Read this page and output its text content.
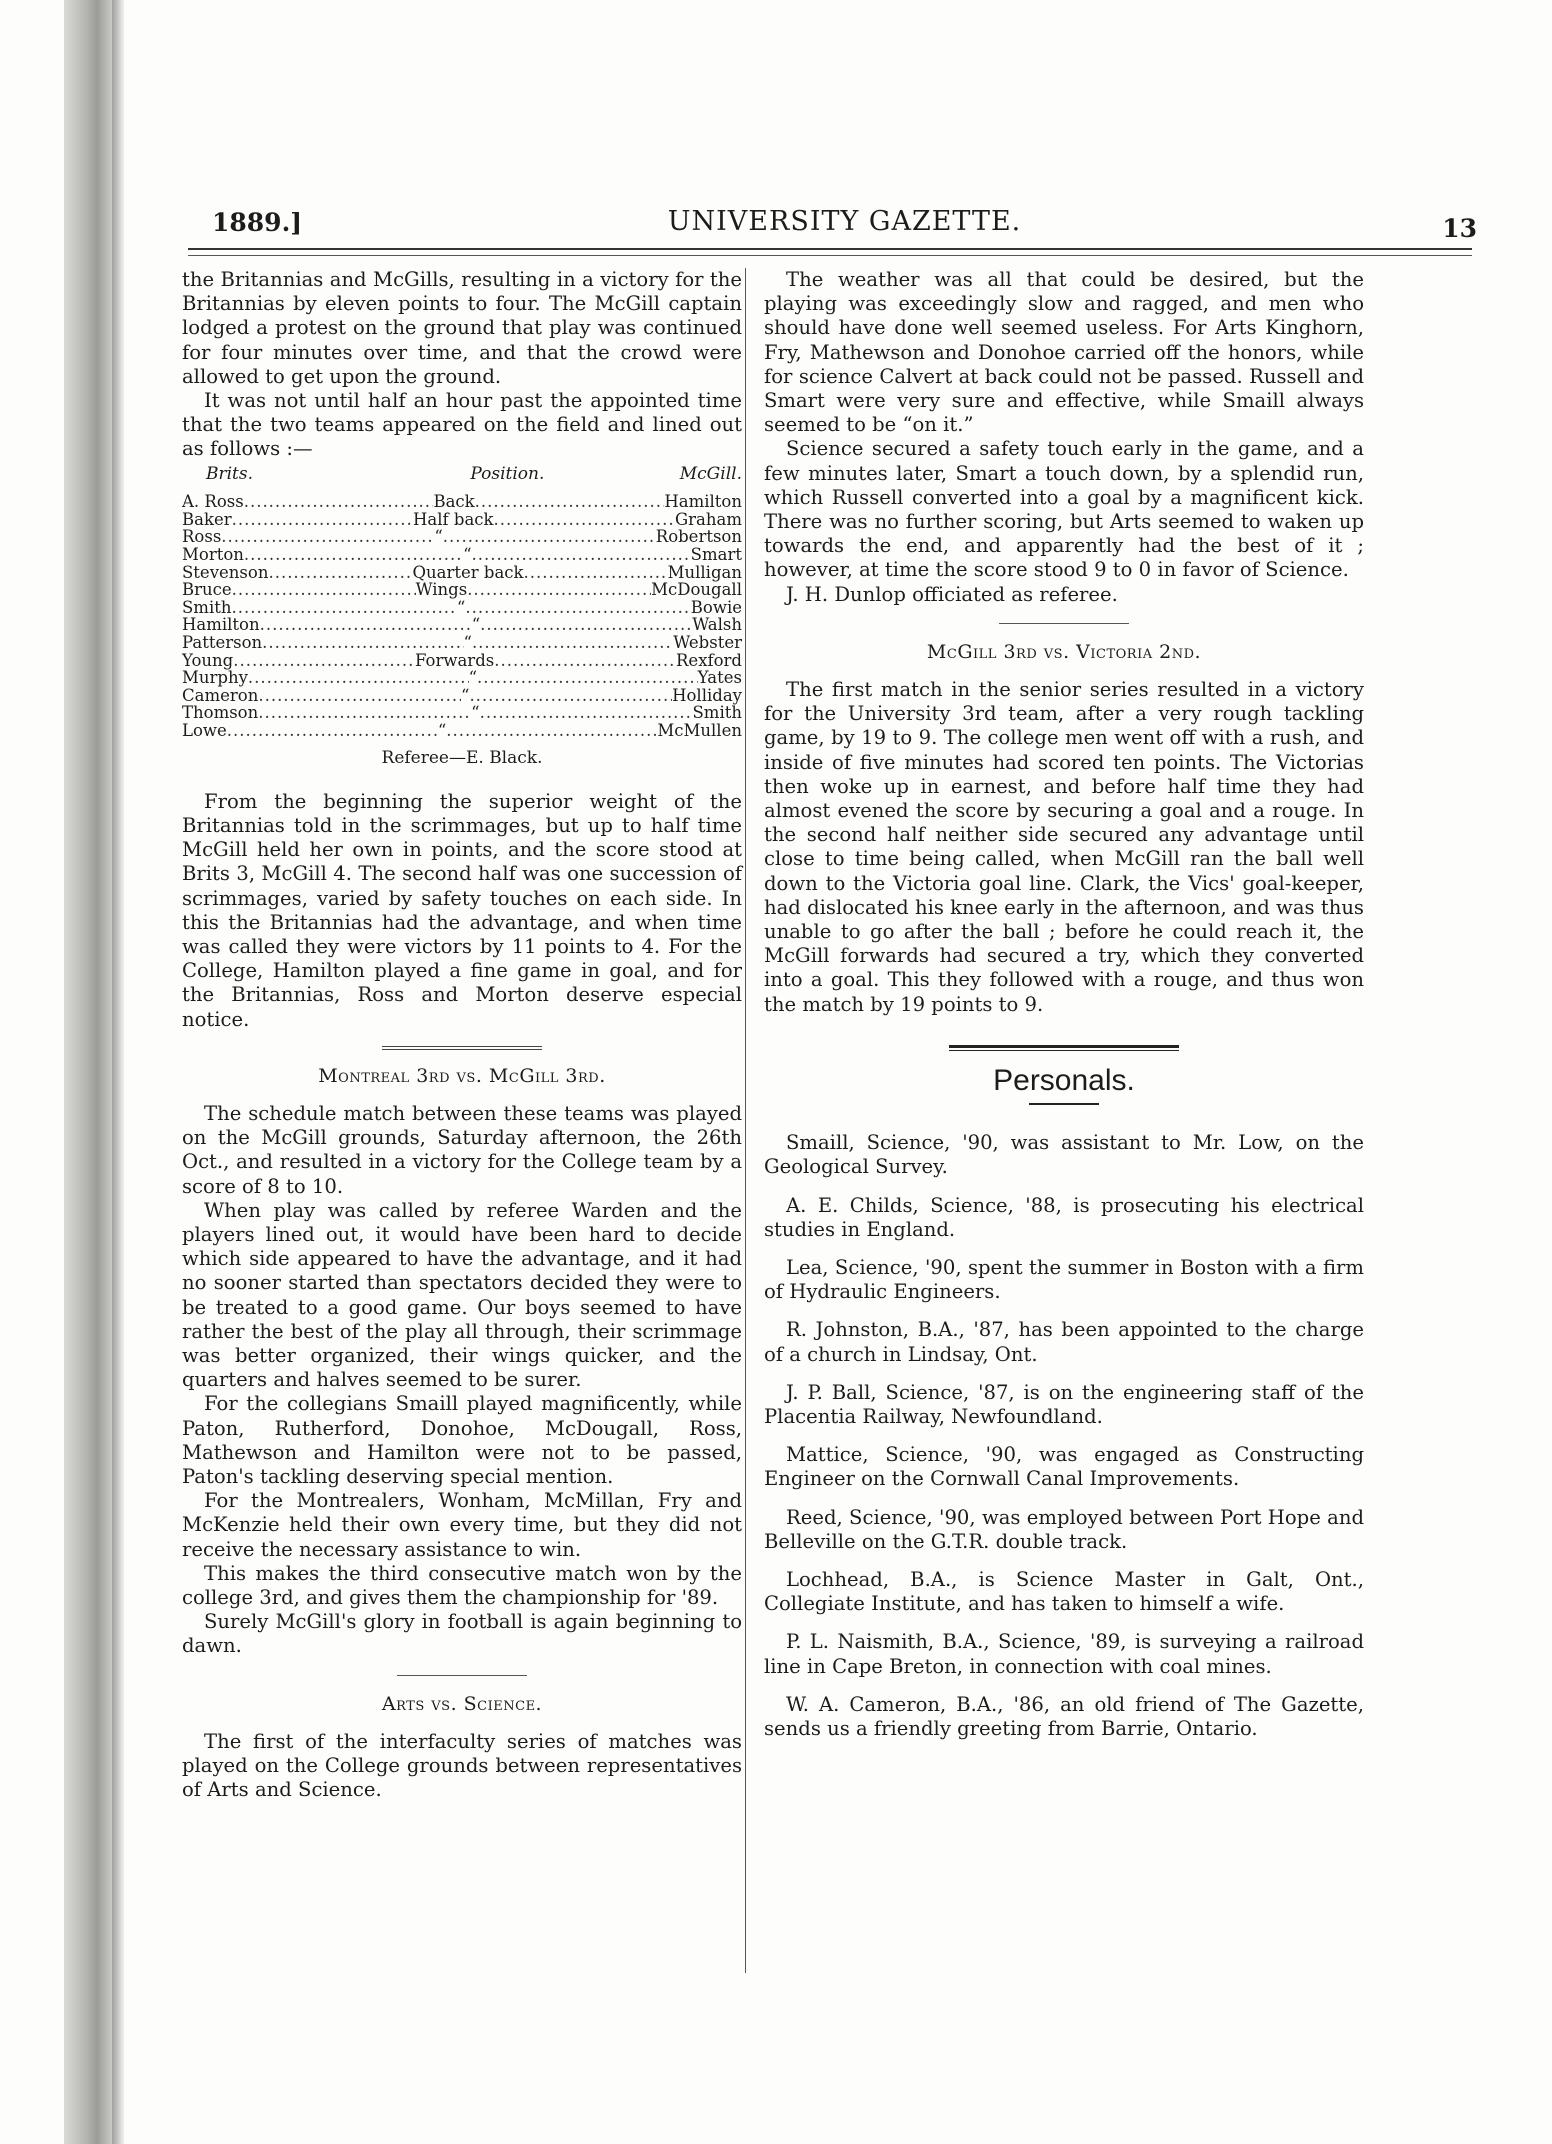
1889.]	UNIVERSITY GAZETTE.	13

the Britannias and McGills, resulting in a victory for the Britannias by eleven points to four. The McGill captain lodged a protest on the ground that play was continued for four minutes over time, and that the crowd were allowed to get upon the ground.

It was not until half an hour past the appointed time that the two teams appeared on the field and lined out as follows :—

Brits.	Position.	McGill.
A. Ross .....	Back .....	Hamilton
Baker .....	Half back .....	Graham
Ross .....	“ .....	Robertson
Morton .....	“ .....	Smart
Stevenson .....	Quarter back .....	Mulligan
Bruce .....	Wings .....	McDougall
Smith .....	“ .....	Bowie
Hamilton .....	“ .....	Walsh
Patterson .....	“ .....	Webster
Young .....	Forwards .....	Rexford
Murphy .....	“ .....	Yates
Cameron .....	“ .....	Holliday
Thomson .....	“ .....	Smith
Lowe .....	“ .....	McMullen
Referee—E. Black.

From the beginning the superior weight of the Britannias told in the scrimmages, but up to half time McGill held her own in points, and the score stood at Brits 3, McGill 4. The second half was one succession of scrimmages, varied by safety touches on each side. In this the Britannias had the advantage, and when time was called they were victors by 11 points to 4. For the College, Hamilton played a fine game in goal, and for the Britannias, Ross and Morton deserve especial notice.

Montreal 3rd vs. McGill 3rd.

The schedule match between these teams was played on the McGill grounds, Saturday afternoon, the 26th Oct., and resulted in a victory for the College team by a score of 8 to 10.

When play was called by referee Warden and the players lined out, it would have been hard to decide which side appeared to have the advantage, and it had no sooner started than spectators decided they were to be treated to a good game. Our boys seemed to have rather the best of the play all through, their scrimmage was better organized, their wings quicker, and the quarters and halves seemed to be surer.

For the collegians Smaill played magnificently, while Paton, Rutherford, Donohoe, McDougall, Ross, Mathewson and Hamilton were not to be passed, Paton's tackling deserving special mention.

For the Montrealers, Wonham, McMillan, Fry and McKenzie held their own every time, but they did not receive the necessary assistance to win.

This makes the third consecutive match won by the college 3rd, and gives them the championship for '89.

Surely McGill's glory in football is again beginning to dawn.

Arts vs. Science.

The first of the interfaculty series of matches was played on the College grounds between representatives of Arts and Science.

The weather was all that could be desired, but the playing was exceedingly slow and ragged, and men who should have done well seemed useless. For Arts Kinghorn, Fry, Mathewson and Donohoe carried off the honors, while for science Calvert at back could not be passed. Russell and Smart were very sure and effective, while Smaill always seemed to be “on it.”

Science secured a safety touch early in the game, and a few minutes later, Smart a touch down, by a splendid run, which Russell converted into a goal by a magnificent kick. There was no further scoring, but Arts seemed to waken up towards the end, and apparently had the best of it ; however, at time the score stood 9 to 0 in favor of Science.

J. H. Dunlop officiated as referee.

McGill 3rd vs. Victoria 2nd.

The first match in the senior series resulted in a victory for the University 3rd team, after a very rough tackling game, by 19 to 9. The college men went off with a rush, and inside of five minutes had scored ten points. The Victorias then woke up in earnest, and before half time they had almost evened the score by securing a goal and a rouge. In the second half neither side secured any advantage until close to time being called, when McGill ran the ball well down to the Victoria goal line. Clark, the Vics' goal-keeper, had dislocated his knee early in the afternoon, and was thus unable to go after the ball ; before he could reach it, the McGill forwards had secured a try, which they converted into a goal. This they followed with a rouge, and thus won the match by 19 points to 9.

Personals.

Smaill, Science, '90, was assistant to Mr. Low, on the Geological Survey.

A. E. Childs, Science, '88, is prosecuting his electrical studies in England.

Lea, Science, '90, spent the summer in Boston with a firm of Hydraulic Engineers.

R. Johnston, B.A., '87, has been appointed to the charge of a church in Lindsay, Ont.

J. P. Ball, Science, '87, is on the engineering staff of the Placentia Railway, Newfoundland.

Mattice, Science, '90, was engaged as Constructing Engineer on the Cornwall Canal Improvements.

Reed, Science, '90, was employed between Port Hope and Belleville on the G.T.R. double track.

Lochhead, B.A., is Science Master in Galt, Ont., Collegiate Institute, and has taken to himself a wife.

P. L. Naismith, B.A., Science, '89, is surveying a railroad line in Cape Breton, in connection with coal mines.

W. A. Cameron, B.A., '86, an old friend of The Gazette, sends us a friendly greeting from Barrie, Ontario.
